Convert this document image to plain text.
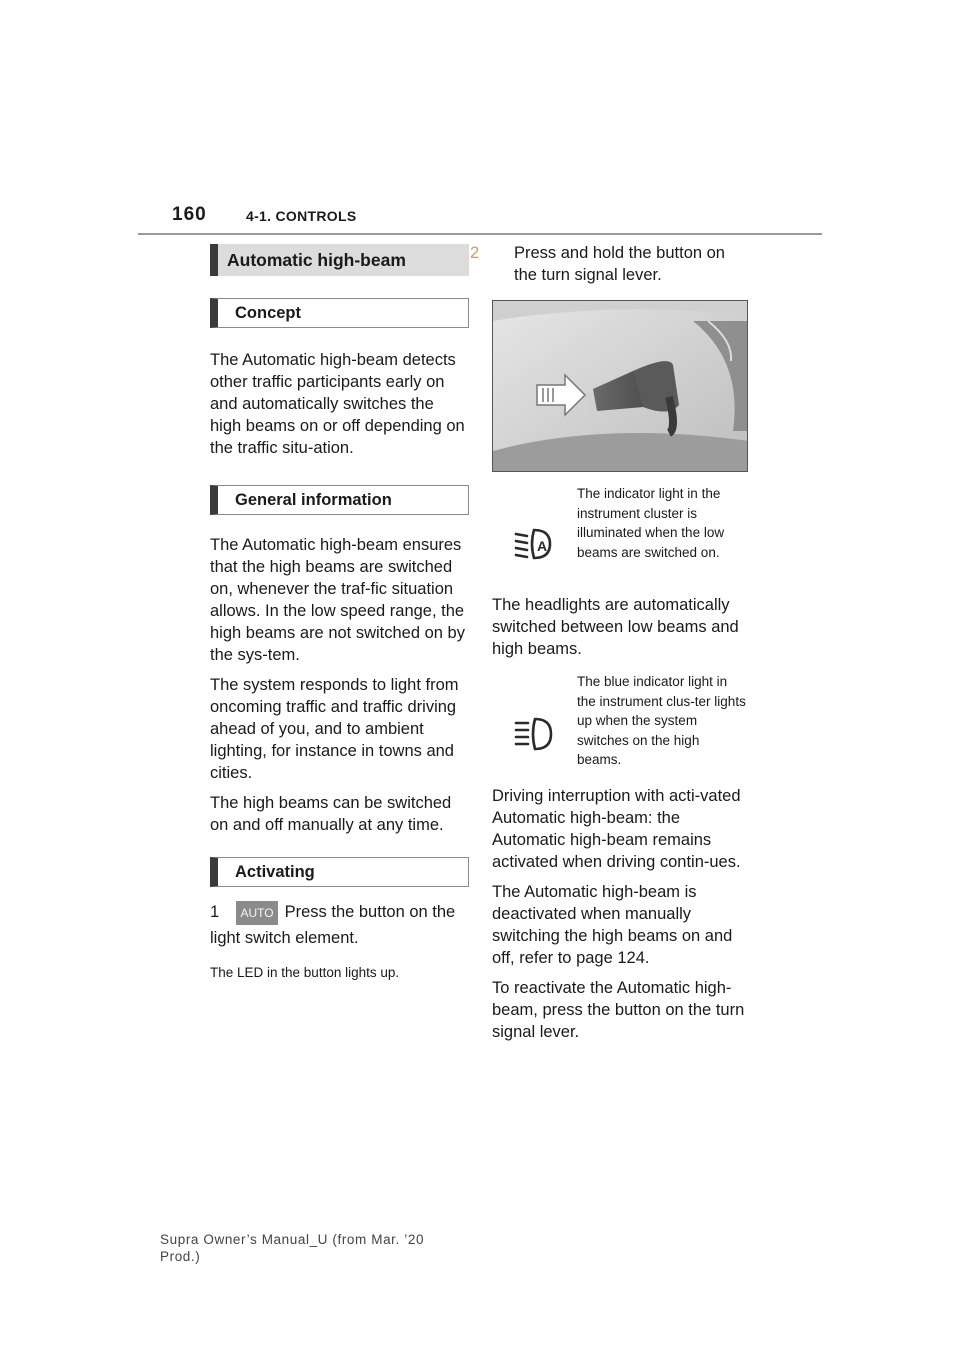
160	4-1. CONTROLS
Automatic high-beam
Concept

The Automatic high-beam detects other traffic participants early on and automatically switches the high beams on or off depending on the traffic situ-ation.

General information

The Automatic high-beam ensures that the high beams are switched on, whenever the traf-fic situation allows. In the low speed range, the high beams are not switched on by the sys-tem.

The system responds to light from oncoming traffic and traffic driving ahead of you, and to ambient lighting, for instance in towns and cities.

The high beams can be switched on and off manually at any time.

Activating

1 AUTO Press the button on the light switch element.

The LED in the button lights up.

2 Press and hold the button on the turn signal lever.

A
The indicator light in the instrument cluster is illuminated when the low beams are switched on.

The headlights are automatically switched between low beams and high beams.

The blue indicator light in the instrument clus-ter lights up when the system switches on the high beams.

Driving interruption with acti-vated Automatic high-beam: the Automatic high-beam remains activated when driving contin-ues.

The Automatic high-beam is deactivated when manually switching the high beams on and off, refer to page 124.

To reactivate the Automatic high-beam, press the button on the turn signal lever.

Supra Owner’s Manual_U (from Mar. ’20
Prod.)
